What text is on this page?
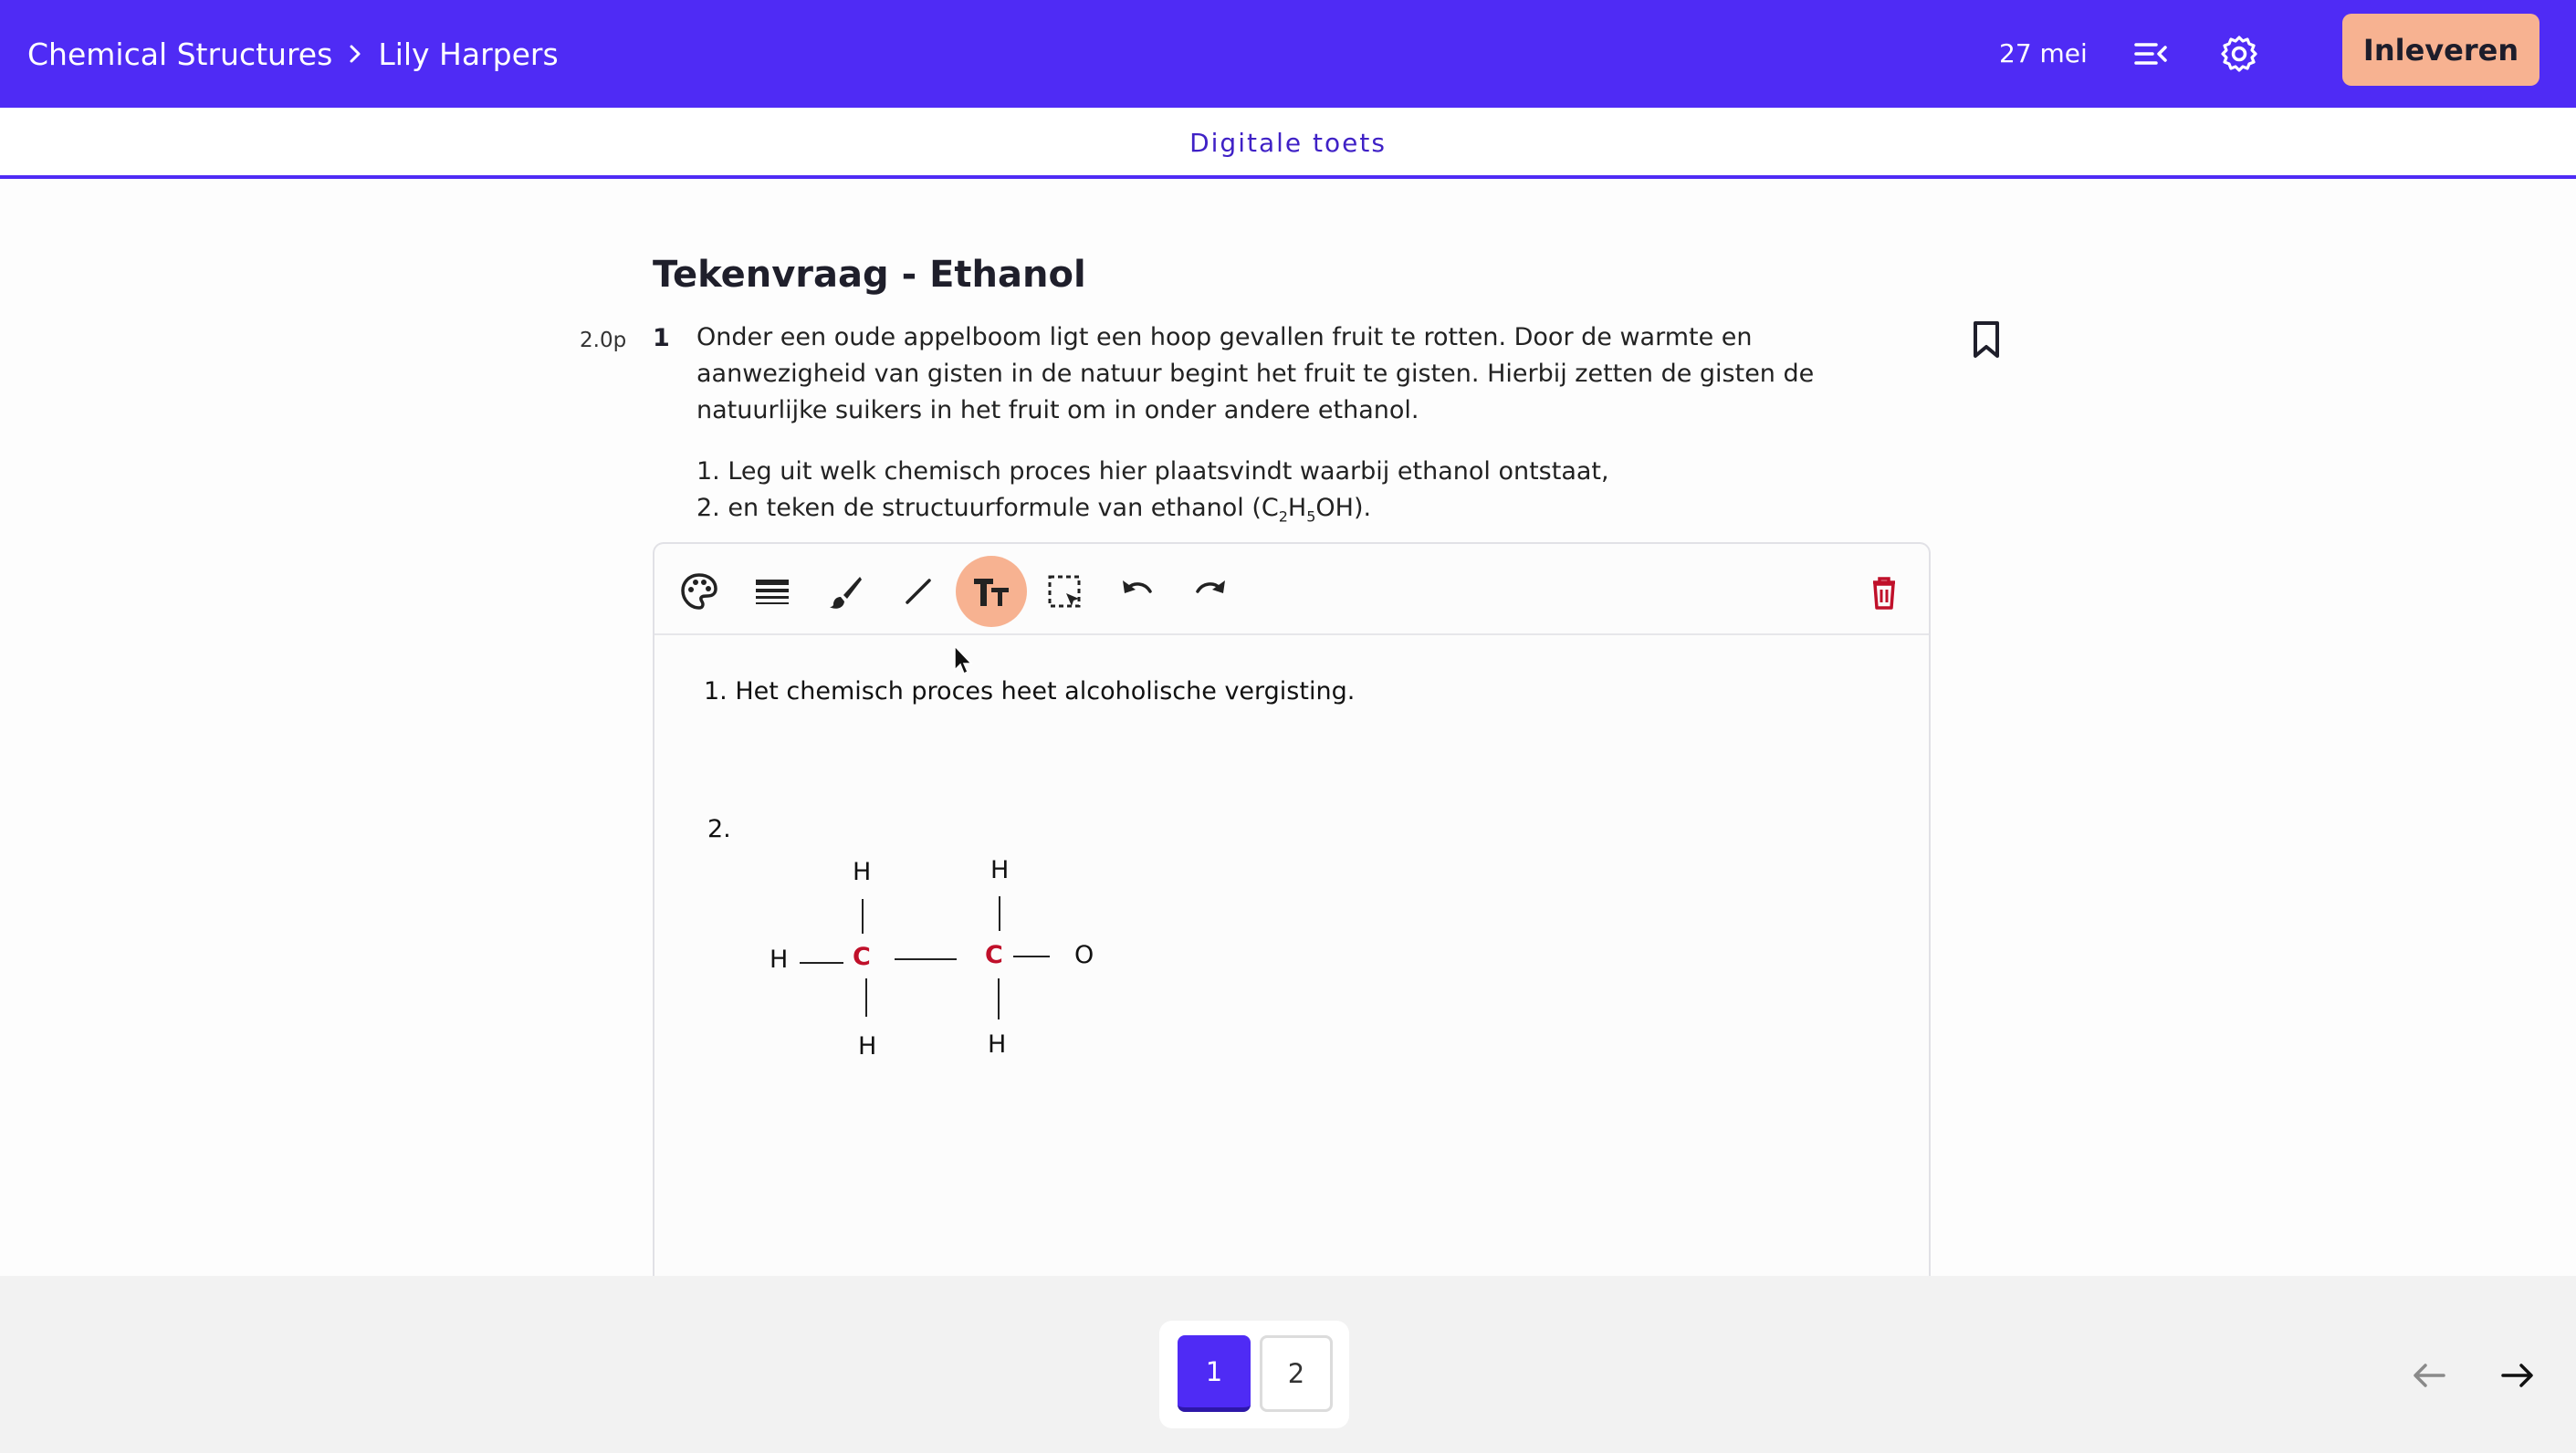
Chemical Structures Lily Harpers	27 mei	Inleveren
Digitale toets
Tekenvraag - Ethanol
2.0p 1 Onder een oude appelboom ligt een hoop gevallen fruit te rotten. Door de warmte en aanwezigheid van gisten in de natuur begint het fruit te gisten. Hierbij zetten de gisten de natuurlijke suikers in het fruit om in onder andere ethanol.
1. Leg uit welk chemisch proces hier plaatsvindt waarbij ethanol ontstaat,
2. en teken de structuurformule van ethanol $(C_2H_5OH)$.
1. Het chemisch proces heet alcoholische vergisting.
2.
H	H
H	C	C	O
H	H
1	2
